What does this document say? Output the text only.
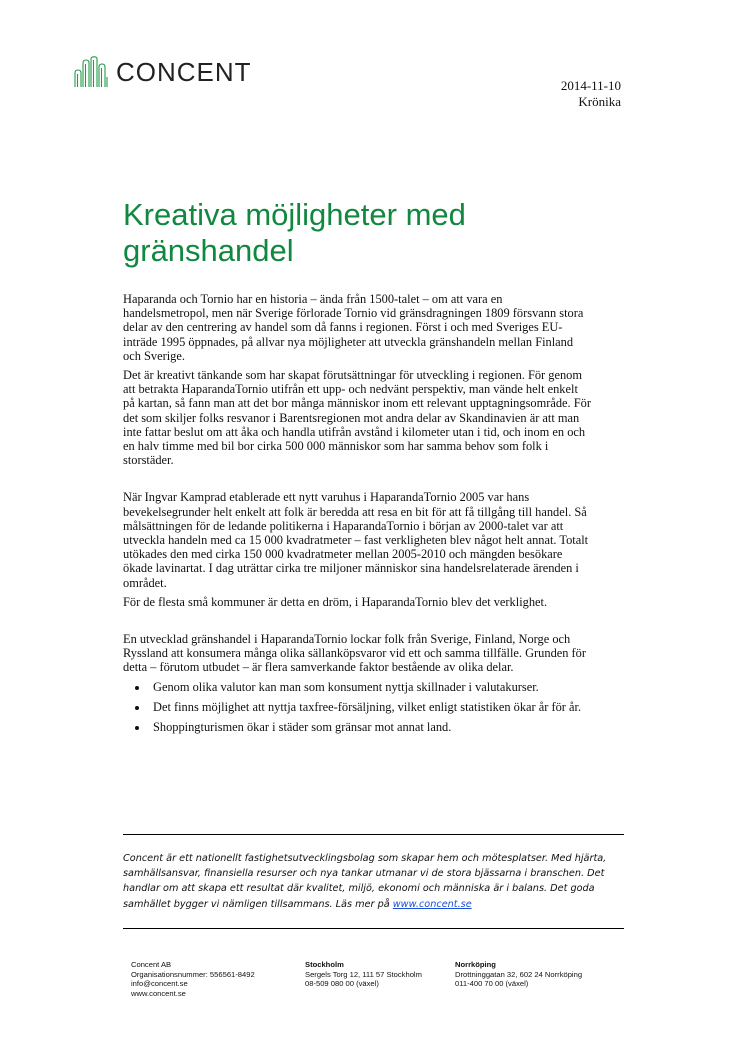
CONCENT	2014-11-10
Krönika
Kreativa möjligheter med gränshandel

Haparanda och Tornio har en historia – ända från 1500-talet – om att vara en handelsmetropol, men när Sverige förlorade Tornio vid gränsdragningen 1809 försvann stora delar av den centrering av handel som då fanns i regionen. Först i och med Sveriges EU-inträde 1995 öppnades, på allvar nya möjligheter att utveckla gränshandeln mellan Finland och Sverige.

Det är kreativt tänkande som har skapat förutsättningar för utveckling i regionen. För genom att betrakta HaparandaTornio utifrån ett upp- och nedvänt perspektiv, man vände helt enkelt på kartan, så fann man att det bor många människor inom ett relevant upptagningsområde. För det som skiljer folks resvanor i Barentsregionen mot andra delar av Skandinavien är att man inte fattar beslut om att åka och handla utifrån avstånd i kilometer utan i tid, och inom en och en halv timme med bil bor cirka 500 000 människor som har samma behov som folk i storstäder.

När Ingvar Kamprad etablerade ett nytt varuhus i HaparandaTornio 2005 var hans bevekelsegrunder helt enkelt att folk är beredda att resa en bit för att få tillgång till handel. Så målsättningen för de ledande politikerna i HaparandaTornio i början av 2000-talet var att utveckla handeln med ca 15 000 kvadratmeter – fast verkligheten blev något helt annat. Totalt utökades den med cirka 150 000 kvadratmeter mellan 2005-2010 och mängden besökare ökade lavinartat. I dag uträttar cirka tre miljoner människor sina handelsrelaterade ärenden i området.

För de flesta små kommuner är detta en dröm, i HaparandaTornio blev det verklighet.

En utvecklad gränshandel i HaparandaTornio lockar folk från Sverige, Finland, Norge och Ryssland att konsumera många olika sällanköpsvaror vid ett och samma tillfälle. Grunden för detta – förutom utbudet – är flera samverkande faktor bestående av olika delar.

• Genom olika valutor kan man som konsument nyttja skillnader i valutakurser.
• Det finns möjlighet att nyttja taxfree-försäljning, vilket enligt statistiken ökar år för år.
• Shoppingturismen ökar i städer som gränsar mot annat land.

Concent är ett nationellt fastighetsutvecklingsbolag som skapar hem och mötesplatser. Med hjärta, samhällsansvar, finansiella resurser och nya tankar utmanar vi de stora bjässarna i branschen. Det handlar om att skapa ett resultat där kvalitet, miljö, ekonomi och människa är i balans. Det goda samhället bygger vi nämligen tillsammans. Läs mer på www.concent.se

Concent AB
Organisationsnummer: 556561-8492
info@concent.se
www.concent.se
Stockholm
Sergels Torg 12, 111 57 Stockholm
08-509 080 00 (växel)
Norrköping
Drottninggatan 32, 602 24 Norrköping
011-400 70 00 (växel)
